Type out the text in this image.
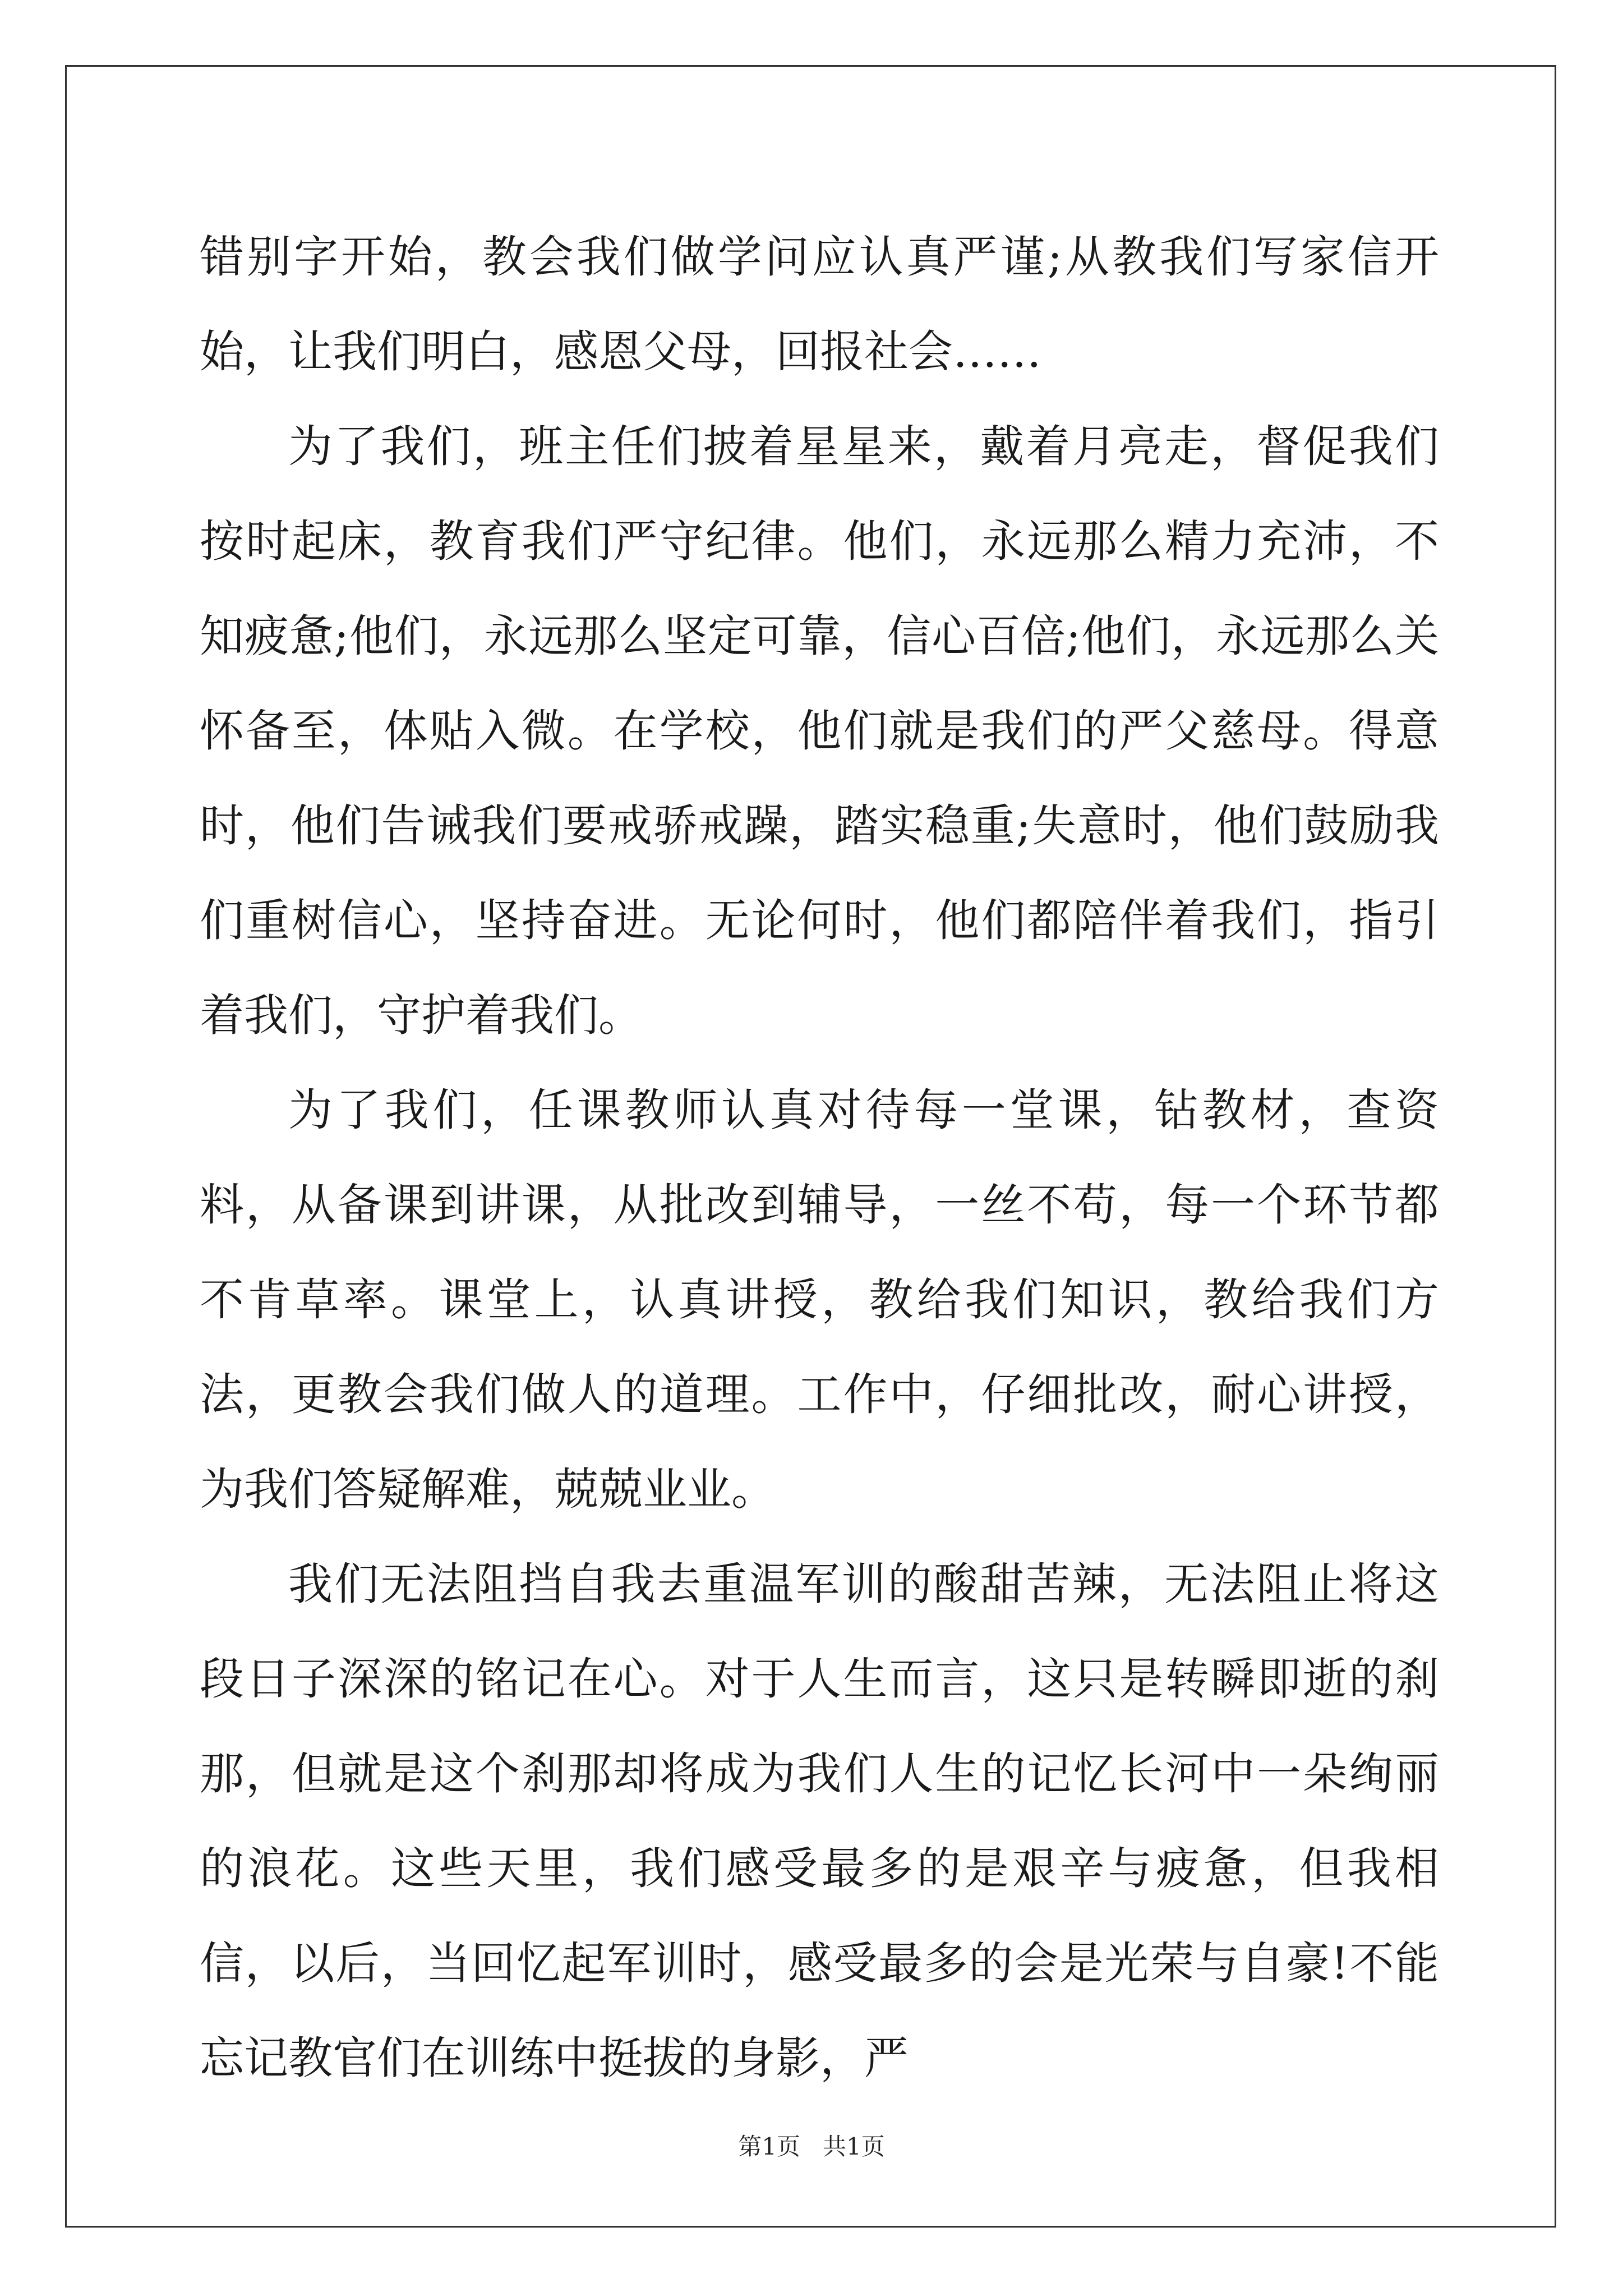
错别字开始，教会我们做学问应认真严谨;从教我们写家信开始，让我们明白，感恩父母，回报社会……

为了我们，班主任们披着星星来，戴着月亮走，督促我们按时起床，教育我们严守纪律。他们，永远那么精力充沛，不知疲惫;他们，永远那么坚定可靠，信心百倍;他们，永远那么关怀备至，体贴入微。在学校，他们就是我们的严父慈母。得意时，他们告诫我们要戒骄戒躁，踏实稳重;失意时，他们鼓励我们重树信心，坚持奋进。无论何时，他们都陪伴着我们，指引着我们，守护着我们。

为了我们，任课教师认真对待每一堂课，钻教材，查资料，从备课到讲课，从批改到辅导，一丝不苟，每一个环节都不肯草率。课堂上，认真讲授，教给我们知识，教给我们方法，更教会我们做人的道理。工作中，仔细批改，耐心讲授，为我们答疑解难，兢兢业业。

我们无法阻挡自我去重温军训的酸甜苦辣，无法阻止将这段日子深深的铭记在心。对于人生而言，这只是转瞬即逝的刹那，但就是这个刹那却将成为我们人生的记忆长河中一朵绚丽的浪花。这些天里，我们感受最多的是艰辛与疲惫，但我相信，以后，当回忆起军训时，感受最多的会是光荣与自豪!不能忘记教官们在训练中挺拔的身影，严

第1页 共1页
